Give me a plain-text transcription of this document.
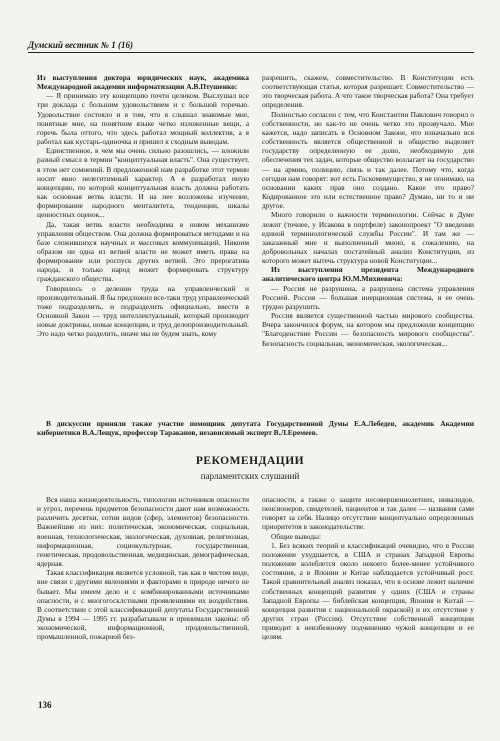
Думский вестник № 1 (16)

Из выступления доктора юридических наук, академика Международной академии информатизации А.В.Птушенко:

— Я принимаю эту концепцию почти целиком. Выслушал все три доклада с большим удовольствием и с большой горечью. Удовольствие состояло и в том, что я слышал знакомые мне, понятные мне, на понятном языке четко изложенные вещи, а горечь была оттого, что здесь работал мощный коллектив, а я работал как кустарь-одиночка и пришел к сходным выводам.

Единственное, в чем мы очень сильно разошлись, — вложили разный смысл в термин "концептуальная власть". Она существует, в этом нет сомнений. В предложенной нам разработке этот термин носит явно нелегитимный характер. А я разработал иную концепцию, по которой концептуальная власть должна работать как основная ветвь власти. И на нее возложены изучение, формирование народного менталитета, тенденции, шкалы ценностных оценок...

Да, такая ветвь власти необходима в новом механизме управления обществом. Она должна формироваться методами и на базе сложившихся научных и массовых коммуникаций. Никоим образом ни одна из ветвей власти не может иметь права на формирование или роспуск других ветвей. Это прерогатива народа, и только народ может формировать структуру гражданского общества.

Говорилось о делении труда на управленческий и производительный. Я бы предложил все-таки труд управленческий тоже подразделить, и подразделить официально, ввести в Основной Закон — труд интеллектуальный, который производит новые доктрины, новые концепции, и труд делопроизводительный. Это надо четко разделить, иначе мы не будем знать, кому

разрешить, скажем, совместительство. В Конституции есть соответствующая статья, которая разрешает. Совместительство — это творческая работа. А что такое творческая работа? Она требует определения.

Полностью согласен с тем, что Константин Павлович говорил о собственности, но как-то не очень четко это прозвучало. Мне кажется, надо записать в Основном Законе, что изначально вся собственность является общественной и общество выделяет государству определенную ее долю, необходимую для обеспечения тех задач, которые общество возлагает на государство — на армию, полицию, связь и так далее. Потому что, когда сегодня нам говорят: вот есть Госкомимущество, я не понимаю, на основании каких прав оно создано. Какое это право? Кодированное это или естественное право? Думаю, ни то и ни другое.

Много говорили о важности терминологии. Сейчас в Думе лежит (точнее, у Исакова в портфеле) законопроект "О введении единой терминологической службы России". И там же — заказанный мне и выполненный мною, к сожалению, на добровольных началах постатейный анализ Конституции, из которого может вытечь структура новой Конституции...

Из выступления президента Международного аналитического центра Ю.М.Михиевича:

— Россия не разрушена, а разрушена система управления Россией. Россия — большая инерционная система, и ее очень трудно разрушить.

Россия является существенной частью мирового сообщества. Вчера закончился форум, на котором мы предложили концепцию "Благоденствие России — безопасность мирового сообщества". Безопасность социальная, экономическая, экологическая...

В дискуссии приняли также участие помощник депутата Государственной Думы Е.А.Лебедев, академик Академии кибернетики В.А.Лещук, профессор Тараканов, независимый эксперт В.Л.Еремеев.

РЕКОМЕНДАЦИИ
парламентских слушаний

Вся наша жизнедеятельность, типологии источников опасности и угроз, перечень предметов безопасности дают нам возможность различить десятки, сотни видов (сфер, элементов) безопасности. Важнейшие из них: политическая, экономическая, социальная, военная, технологическая, экологическая, духовная, религиозная, информационная, социокультурная, государственная, генетическая, продовольственная, медицинская, демографическая, ядерная.

Такая классификация является условной, так как в чистом виде, вне связи с другими явлениями и факторами в природе ничего не бывает. Мы имеем дело и с комбинированными источниками опасности, и с многогосклстными проявлениями их воздействия. В соответствии с этой классификацией депутаты Государственной Думы в 1994 — 1995 гг. разрабатывали и принимали законы: об экономической, информационной, продовольственной, промышленной, пожарной без-

опасности, а также о защите несовершеннолетних, инвалидов, пенсионеров, свидетелей, пациентов и так далее — названия сами говорят за себя. Налицо отсутствие концептуально определенных приоритетов в законодательстве.

Общие выводы:

1. Без всяких теорий и классификаций очевидно, что в России положение ухудшается, в США и странах Западной Европы положение колеблется около некоего более-менее устойчивого состояния, а в Японии и Китае наблюдается устойчивый рост. Такой сравнительный анализ показал, что в основе лежит наличие собственных концепций развития у одних (США и страны Западной Европы — библейская концепция, Япония и Китай — концепция развития с национальной окраской) и их отсутствие у других стран (Россия). Отсутствие собственной концепции приводит к неизбежному подчинению чужой концепции и ее целям.

136
